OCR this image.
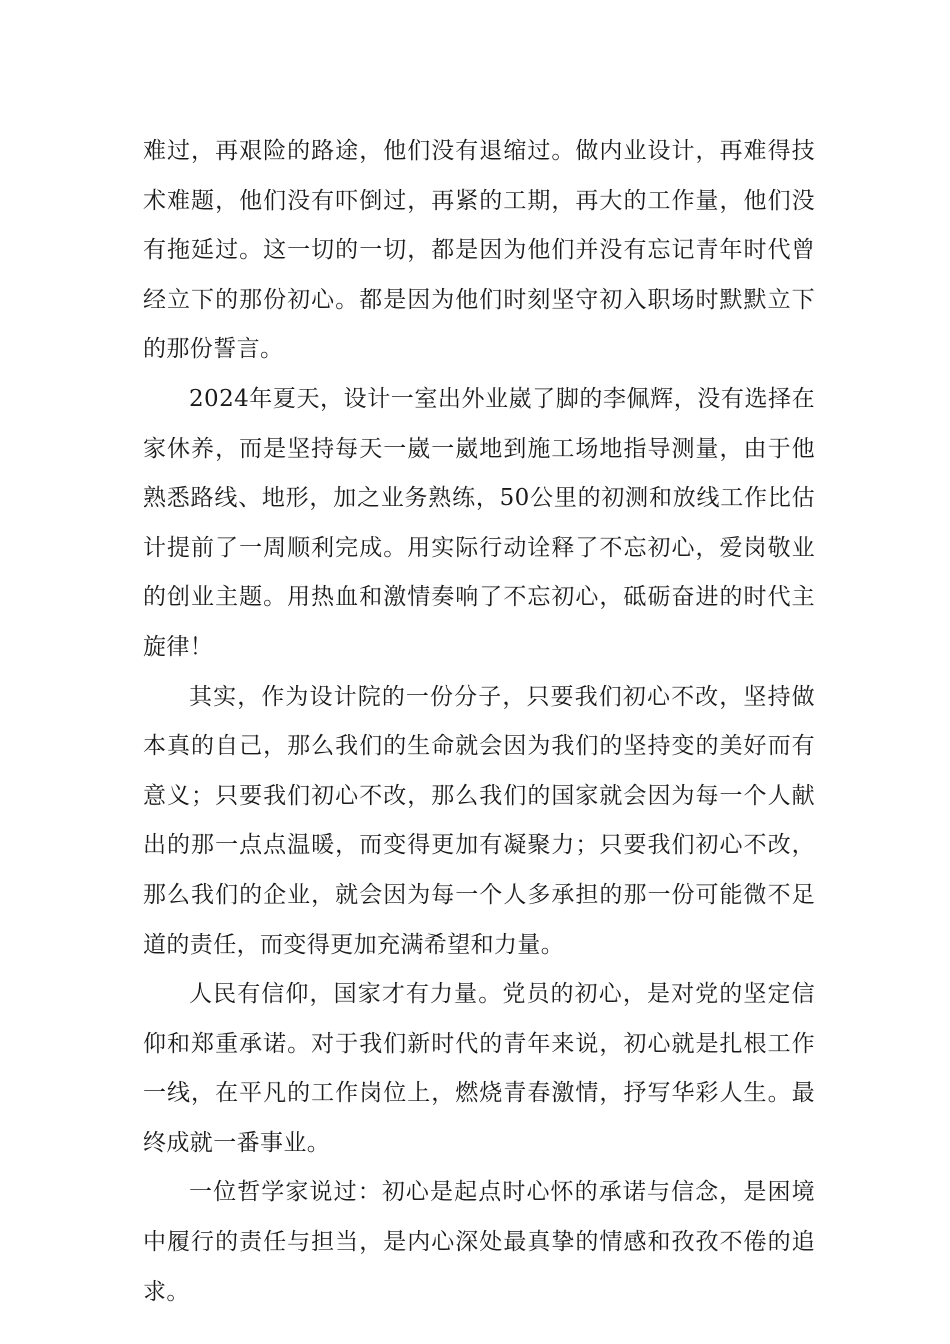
难过，再艰险的路途，他们没有退缩过。做内业设计，再难得技术难题，他们没有吓倒过，再紧的工期，再大的工作量，他们没有拖延过。这一切的一切，都是因为他们并没有忘记青年时代曾经立下的那份初心。都是因为他们时刻坚守初入职场时默默立下的那份誓言。

2024年夏天，设计一室出外业崴了脚的李佩辉，没有选择在家休养，而是坚持每天一崴一崴地到施工场地指导测量，由于他熟悉路线、地形，加之业务熟练，50公里的初测和放线工作比估计提前了一周顺利完成。用实际行动诠释了不忘初心，爱岗敬业的创业主题。用热血和激情奏响了不忘初心，砥砺奋进的时代主旋律！

其实，作为设计院的一份分子，只要我们初心不改，坚持做本真的自己，那么我们的生命就会因为我们的坚持变的美好而有意义；只要我们初心不改，那么我们的国家就会因为每一个人献出的那一点点温暖，而变得更加有凝聚力；只要我们初心不改，那么我们的企业，就会因为每一个人多承担的那一份可能微不足道的责任，而变得更加充满希望和力量。

人民有信仰，国家才有力量。党员的初心，是对党的坚定信仰和郑重承诺。对于我们新时代的青年来说，初心就是扎根工作一线，在平凡的工作岗位上，燃烧青春激情，抒写华彩人生。最终成就一番事业。

一位哲学家说过：初心是起点时心怀的承诺与信念，是困境中履行的责任与担当，是内心深处最真挚的情感和孜孜不倦的追求。
